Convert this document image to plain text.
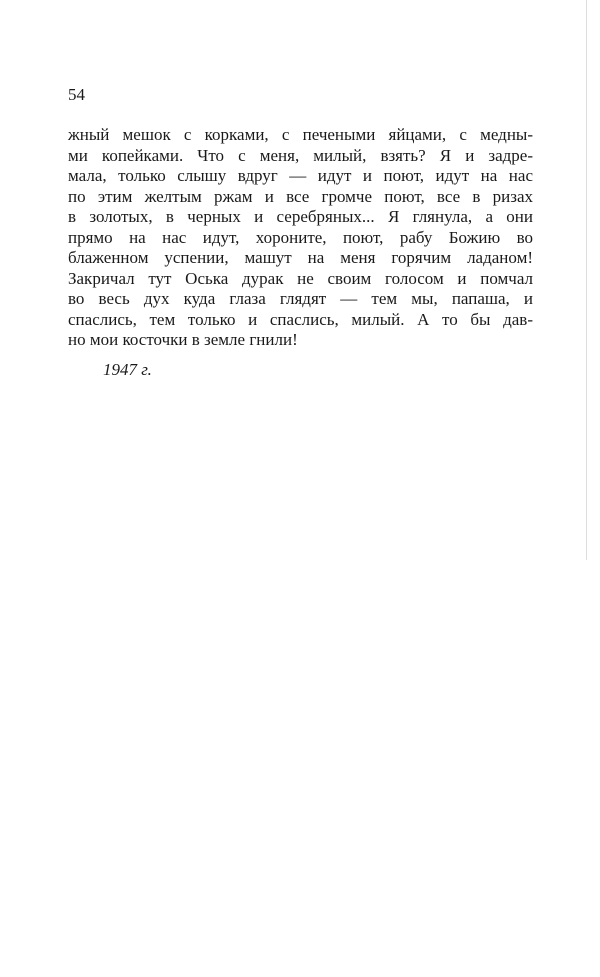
54
жный мешок с корками, с печеными яйцами, с медны-
ми копейками. Что с меня, милый, взять? Я и задре-
мала, только слышу вдруг — идут и поют, идут на нас
по этим желтым ржам и все громче поют, все в ризах
в золотых, в черных и серебряных... Я глянула, а они
прямо на нас идут, хороните, поют, рабу Божию во
блаженном успении, машут на меня горячим ладаном!
Закричал тут Оська дурак не своим голосом и помчал
во весь дух куда глаза глядят — тем мы, папаша, и
спаслись, тем только и спаслись, милый. А то бы дав-
но мои косточки в земле гнили!
1947 г.
